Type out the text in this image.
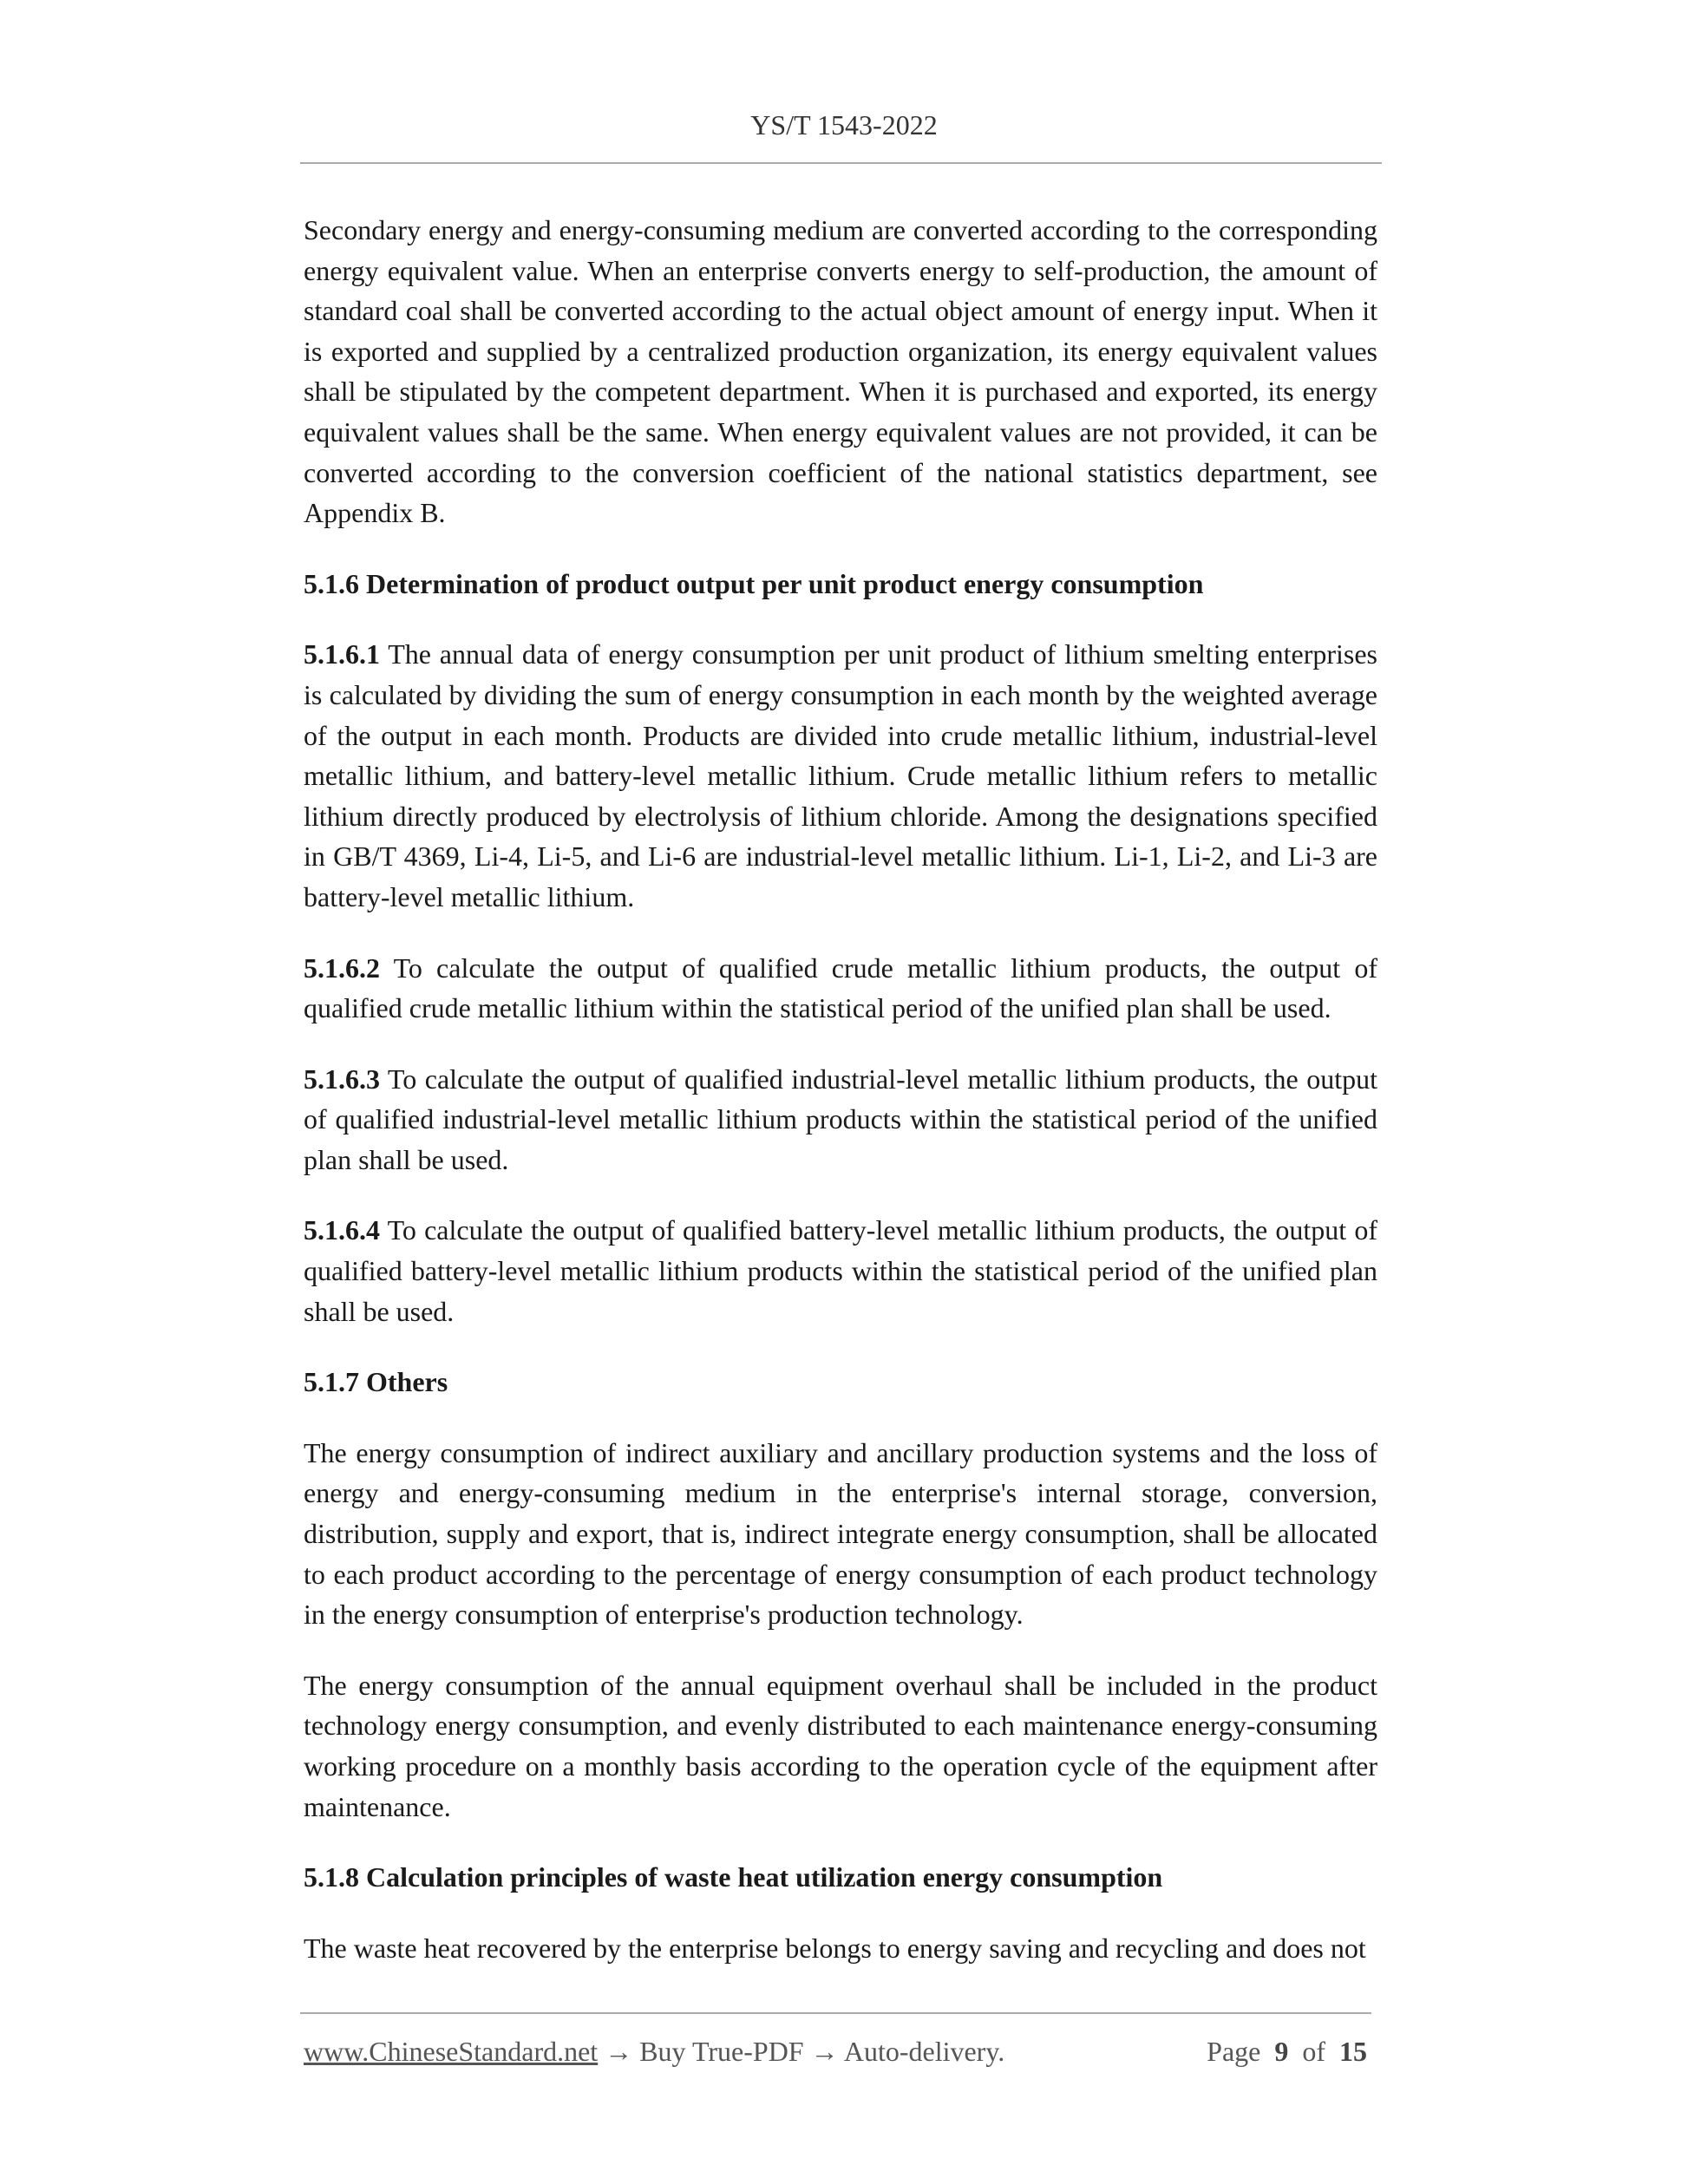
YS/T 1543-2022

Secondary energy and energy-consuming medium are converted according to the corresponding energy equivalent value. When an enterprise converts energy to self-production, the amount of standard coal shall be converted according to the actual object amount of energy input. When it is exported and supplied by a centralized production organization, its energy equivalent values shall be stipulated by the competent department. When it is purchased and exported, its energy equivalent values shall be the same. When energy equivalent values are not provided, it can be converted according to the conversion coefficient of the national statistics department, see Appendix B.

5.1.6 Determination of product output per unit product energy consumption

5.1.6.1 The annual data of energy consumption per unit product of lithium smelting enterprises is calculated by dividing the sum of energy consumption in each month by the weighted average of the output in each month. Products are divided into crude metallic lithium, industrial-level metallic lithium, and battery-level metallic lithium. Crude metallic lithium refers to metallic lithium directly produced by electrolysis of lithium chloride. Among the designations specified in GB/T 4369, Li-4, Li-5, and Li-6 are industrial-level metallic lithium. Li-1, Li-2, and Li-3 are battery-level metallic lithium.

5.1.6.2 To calculate the output of qualified crude metallic lithium products, the output of qualified crude metallic lithium within the statistical period of the unified plan shall be used.

5.1.6.3 To calculate the output of qualified industrial-level metallic lithium products, the output of qualified industrial-level metallic lithium products within the statistical period of the unified plan shall be used.

5.1.6.4 To calculate the output of qualified battery-level metallic lithium products, the output of qualified battery-level metallic lithium products within the statistical period of the unified plan shall be used.

5.1.7 Others

The energy consumption of indirect auxiliary and ancillary production systems and the loss of energy and energy-consuming medium in the enterprise's internal storage, conversion, distribution, supply and export, that is, indirect integrate energy consumption, shall be allocated to each product according to the percentage of energy consumption of each product technology in the energy consumption of enterprise's production technology.

The energy consumption of the annual equipment overhaul shall be included in the product technology energy consumption, and evenly distributed to each maintenance energy-consuming working procedure on a monthly basis according to the operation cycle of the equipment after maintenance.

5.1.8 Calculation principles of waste heat utilization energy consumption

The waste heat recovered by the enterprise belongs to energy saving and recycling and does not

www.ChineseStandard.net → Buy True-PDF → Auto-delivery.	Page 9 of 15
